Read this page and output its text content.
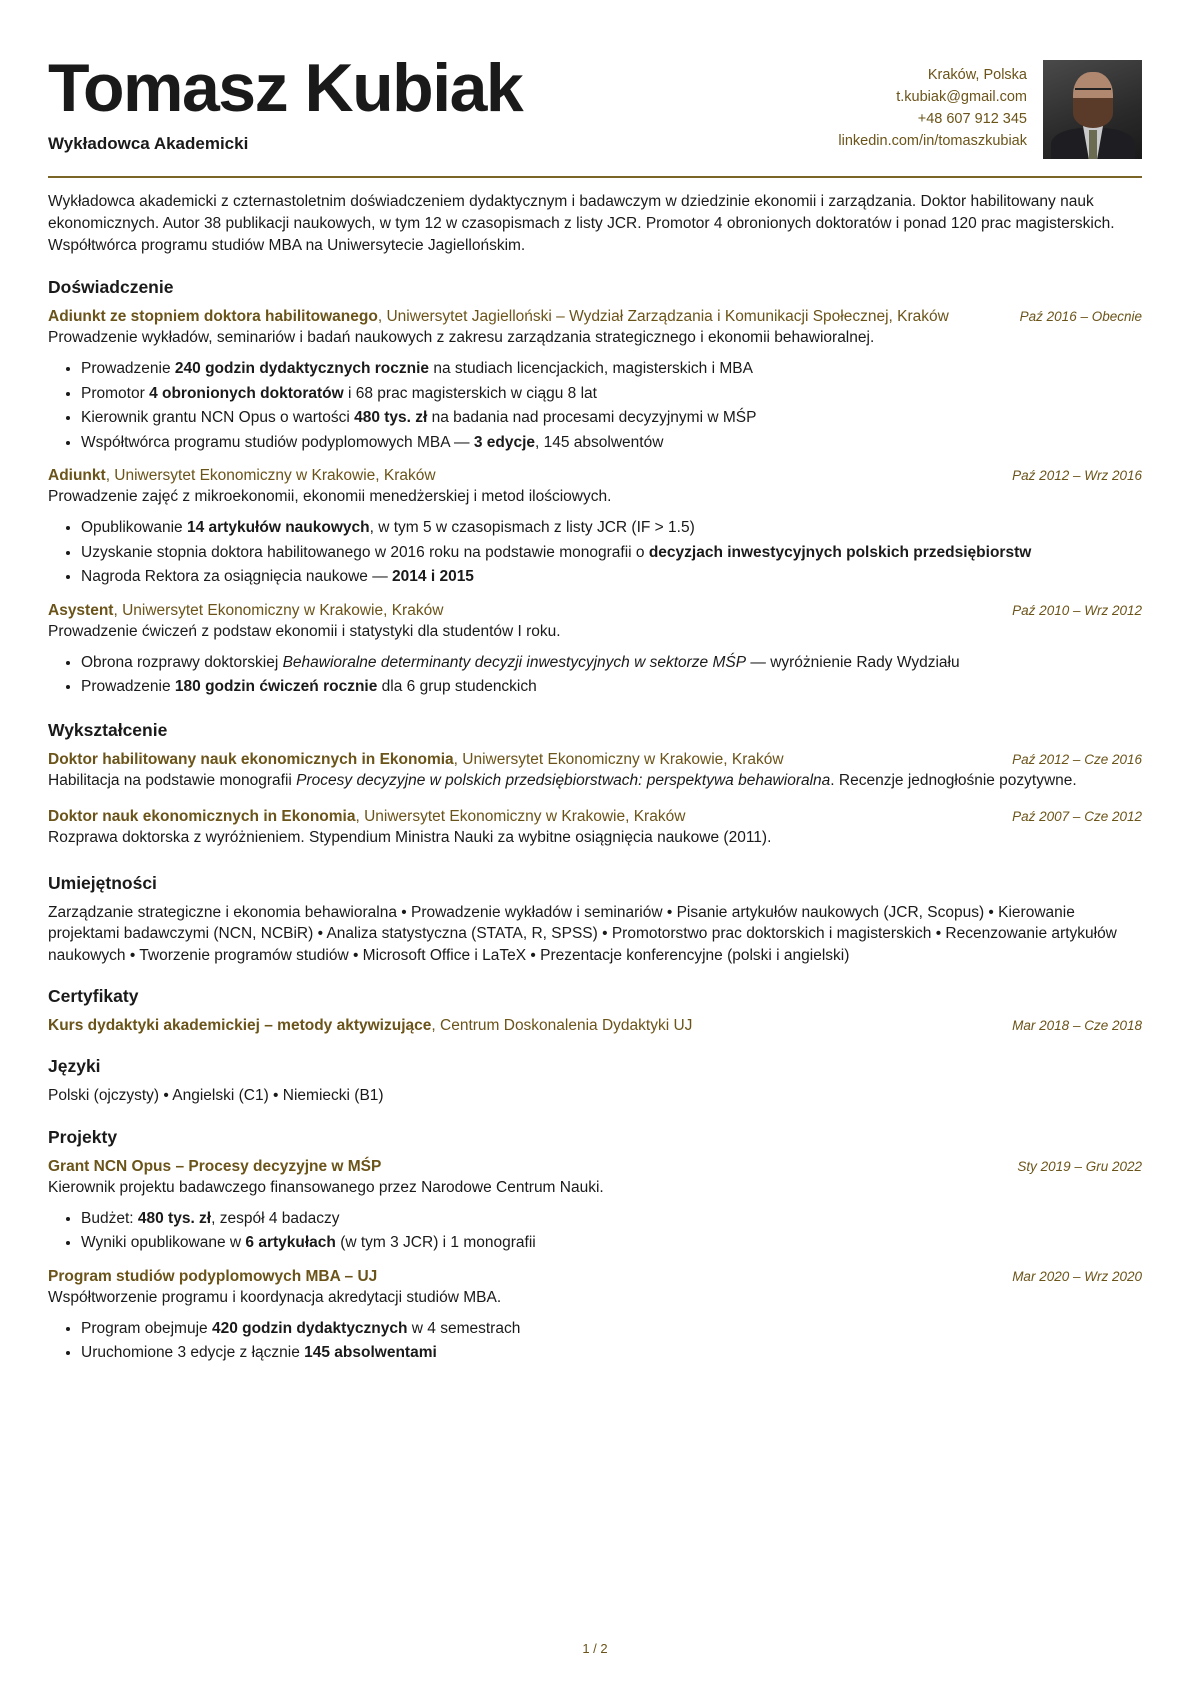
Tomasz Kubiak
Wykładowca Akademicki
Kraków, Polska
t.kubiak@gmail.com
+48 607 912 345
linkedin.com/in/tomaszkubiak
Wykładowca akademicki z czternastoletnim doświadczeniem dydaktycznym i badawczym w dziedzinie ekonomii i zarządzania. Doktor habilitowany nauk ekonomicznych. Autor 38 publikacji naukowych, w tym 12 w czasopismach z listy JCR. Promotor 4 obronionych doktoratów i ponad 120 prac magisterskich. Współtwórca programu studiów MBA na Uniwersytecie Jagiellońskim.
Doświadczenie
Adiunkt ze stopniem doktora habilitowanego, Uniwersytet Jagielloński – Wydział Zarządzania i Komunikacji Społecznej, Kraków	Paź 2016 – Obecnie
Prowadzenie wykładów, seminariów i badań naukowych z zakresu zarządzania strategicznego i ekonomii behawioralnej.
• Prowadzenie 240 godzin dydaktycznych rocznie na studiach licencjackich, magisterskich i MBA
• Promotor 4 obronionych doktoratów i 68 prac magisterskich w ciągu 8 lat
• Kierownik grantu NCN Opus o wartości 480 tys. zł na badania nad procesami decyzyjnymi w MŚP
• Współtwórca programu studiów podyplomowych MBA — 3 edycje, 145 absolwentów
Adiunkt, Uniwersytet Ekonomiczny w Krakowie, Kraków	Paź 2012 – Wrz 2016
Prowadzenie zajęć z mikroekonomii, ekonomii menedżerskiej i metod ilościowych.
• Opublikowanie 14 artykułów naukowych, w tym 5 w czasopismach z listy JCR (IF > 1.5)
• Uzyskanie stopnia doktora habilitowanego w 2016 roku na podstawie monografii o decyzjach inwestycyjnych polskich przedsiębiorstw
• Nagroda Rektora za osiągnięcia naukowe — 2014 i 2015
Asystent, Uniwersytet Ekonomiczny w Krakowie, Kraków	Paź 2010 – Wrz 2012
Prowadzenie ćwiczeń z podstaw ekonomii i statystyki dla studentów I roku.
• Obrona rozprawy doktorskiej Behawioralne determinanty decyzji inwestycyjnych w sektorze MŚP — wyróżnienie Rady Wydziału
• Prowadzenie 180 godzin ćwiczeń rocznie dla 6 grup studenckich
Wykształcenie
Doktor habilitowany nauk ekonomicznych in Ekonomia, Uniwersytet Ekonomiczny w Krakowie, Kraków	Paź 2012 – Cze 2016
Habilitacja na podstawie monografii Procesy decyzyjne w polskich przedsiębiorstwach: perspektywa behawioralna. Recenzje jednogłośnie pozytywne.
Doktor nauk ekonomicznych in Ekonomia, Uniwersytet Ekonomiczny w Krakowie, Kraków	Paź 2007 – Cze 2012
Rozprawa doktorska z wyróżnieniem. Stypendium Ministra Nauki za wybitne osiągnięcia naukowe (2011).
Umiejętności
Zarządzanie strategiczne i ekonomia behawioralna • Prowadzenie wykładów i seminariów • Pisanie artykułów naukowych (JCR, Scopus) • Kierowanie projektami badawczymi (NCN, NCBiR) • Analiza statystyczna (STATA, R, SPSS) • Promotorstwo prac doktorskich i magisterskich • Recenzowanie artykułów naukowych • Tworzenie programów studiów • Microsoft Office i LaTeX • Prezentacje konferencyjne (polski i angielski)
Certyfikaty
Kurs dydaktyki akademickiej – metody aktywizujące, Centrum Doskonalenia Dydaktyki UJ	Mar 2018 – Cze 2018
Języki
Polski (ojczysty) • Angielski (C1) • Niemiecki (B1)
Projekty
Grant NCN Opus – Procesy decyzyjne w MŚP	Sty 2019 – Gru 2022
Kierownik projektu badawczego finansowanego przez Narodowe Centrum Nauki.
• Budżet: 480 tys. zł, zespół 4 badaczy
• Wyniki opublikowane w 6 artykułach (w tym 3 JCR) i 1 monografii
Program studiów podyplomowych MBA – UJ	Mar 2020 – Wrz 2020
Współtworzenie programu i koordynacja akredytacji studiów MBA.
• Program obejmuje 420 godzin dydaktycznych w 4 semestrach
• Uruchomione 3 edycje z łącznie 145 absolwentami
1 / 2
